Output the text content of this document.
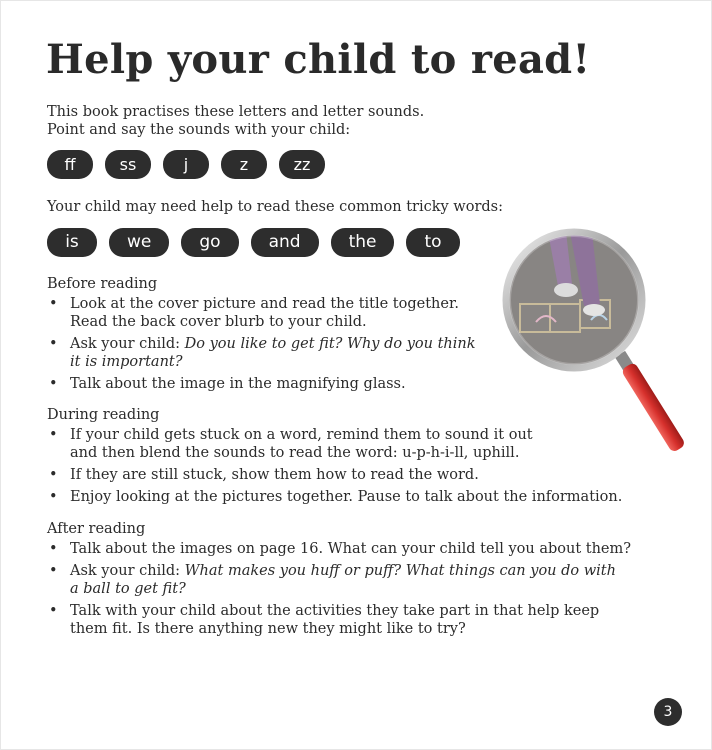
Help your child to read!
This book practises these letters and letter sounds.
Point and say the sounds with your child:
ff	ss	j	z	zz
Your child may need help to read these common tricky words:
is	we	go	and	the	to
Before reading
• Look at the cover picture and read the title together.
Read the back cover blurb to your child.
• Ask your child: Do you like to get fit? Why do you think
it is important?
• Talk about the image in the magnifying glass.
During reading
• If your child gets stuck on a word, remind them to sound it out
and then blend the sounds to read the word: u-p-h-i-ll, uphill.
• If they are still stuck, show them how to read the word.
• Enjoy looking at the pictures together. Pause to talk about the information.
After reading
• Talk about the images on page 16. What can your child tell you about them?
• Ask your child: What makes you huff or puff? What things can you do with
a ball to get fit?
• Talk with your child about the activities they take part in that help keep
them fit. Is there anything new they might like to try?
3
